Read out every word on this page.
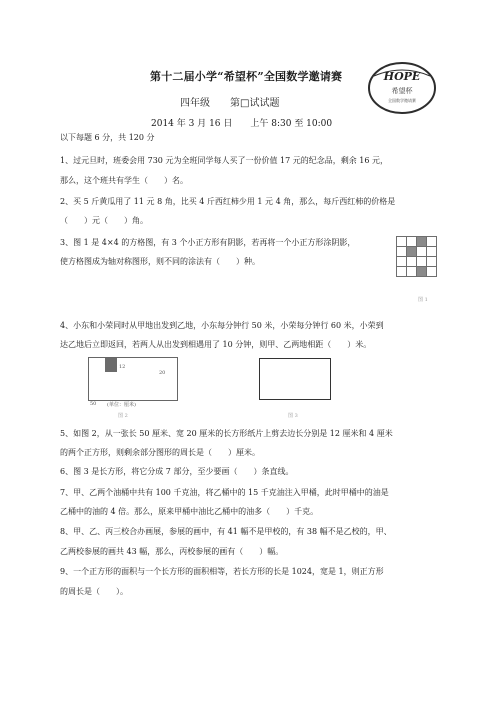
第十二届小学“希望杯”全国数学邀请赛	HOPE
希望杯
全国数学邀请赛
四年级　　第□试试题
2014 年 3 月 16 日　　上午 8:30 至 10:00
以下每题 6 分，共 120 分
1、过元旦时，班委会用 730 元为全班同学每人买了一份价值 17 元的纪念品，剩余 16 元，
那么，这个班共有学生（　　）名。
2、买 5 斤黄瓜用了 11 元 8 角，比买 4 斤西红柿少用 1 元 4 角，那么，每斤西红柿的价格是
（　　）元（　　）角。
3、图 1 是 4×4 的方格图，有 3 个小正方形有阴影，若再将一个小正方形涂阴影，
使方格图成为轴对称图形，则不同的涂法有（　　）种。
图 1
4、小东和小荣同时从甲地出发到乙地，小东每分钟行 50 米，小荣每分钟行 60 米，小荣到
达乙地后立即返回，若两人从出发到相遇用了 10 分钟，则甲、乙两地相距（　　）米。
12
20
50 (单位：厘米)
图 2	图 3
5、如图 2，从一张长 50 厘米、宽 20 厘米的长方形纸片上剪去边长分别是 12 厘米和 4 厘米
的两个正方形，则剩余部分图形的周长是（　　）厘米。
6、图 3 是长方形，将它分成 7 部分，至少要画（　　）条直线。
7、甲、乙两个油桶中共有 100 千克油，将乙桶中的 15 千克油注入甲桶，此时甲桶中的油是
乙桶中的油的 4 倍。那么，原来甲桶中油比乙桶中的油多（　　）千克。
8、甲、乙、丙三校合办画展，参展的画中，有 41 幅不是甲校的，有 38 幅不是乙校的，甲、
乙两校参展的画共 43 幅，那么，丙校参展的画有（　　）幅。
9、一个正方形的面积与一个长方形的面积相等，若长方形的长是 1024，宽是 1，则正方形
的周长是（　　）。
